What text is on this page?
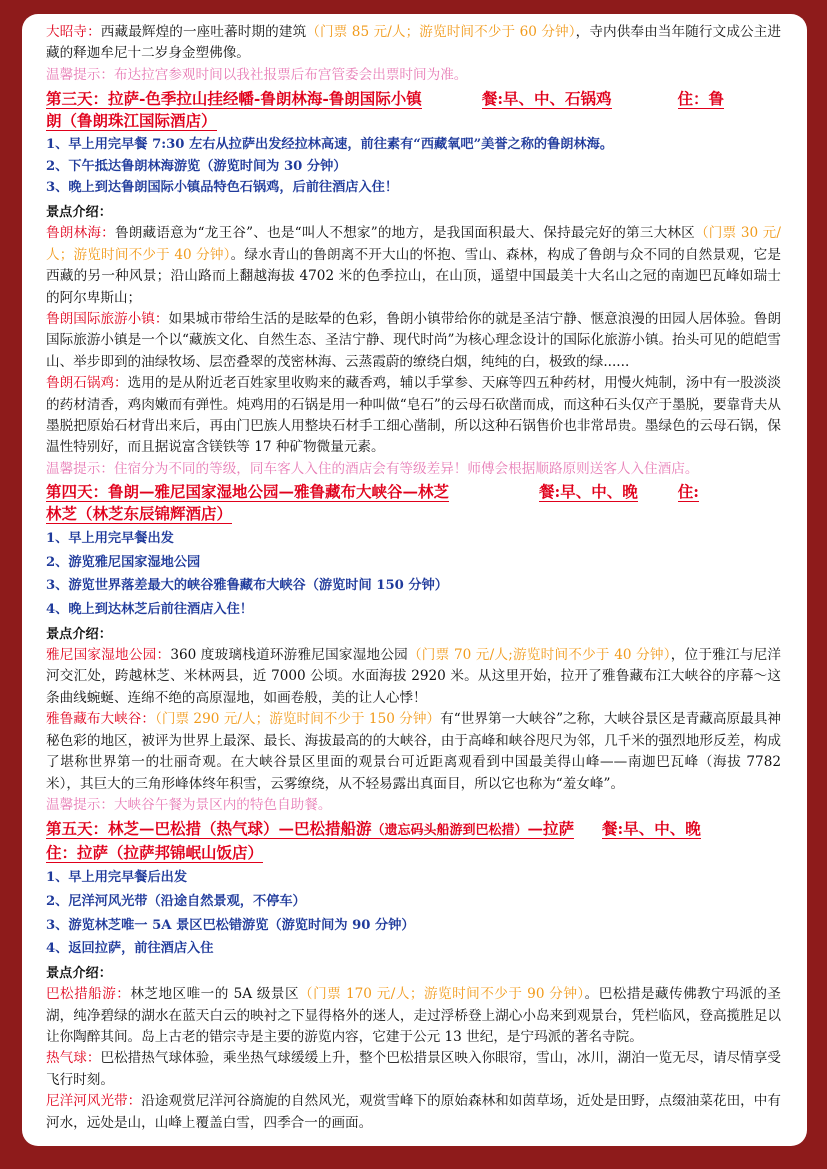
大昭寺：西藏最辉煌的一座吐蕃时期的建筑（门票 85 元/人；游览时间不少于 60 分钟），寺内供奉由当年随行文成公主进藏的释迦牟尼十二岁身金塑佛像。

温馨提示：布达拉宫参观时间以我社报票后布宫管委会出票时间为准。

第三天：拉萨-色季拉山挂经幡-鲁朗林海-鲁朗国际小镇	餐:早、中、石锅鸡	住：鲁
朗（鲁朗珠江国际酒店）

1、早上用完早餐 7:30 左右从拉萨出发经拉林高速，前往素有“西藏氧吧”美誉之称的鲁朗林海。

2、下午抵达鲁朗林海游览（游览时间为 30 分钟）

3、晚上到达鲁朗国际小镇品特色石锅鸡，后前往酒店入住！

景点介绍：

鲁朗林海：鲁朗藏语意为“龙王谷”、也是“叫人不想家”的地方，是我国面积最大、保持最完好的第三大林区（门票 30 元/人；游览时间不少于 40 分钟）。绿水青山的鲁朗离不开大山的怀抱、雪山、森林，构成了鲁朗与众不同的自然景观，它是西藏的另一种风景；沿山路而上翻越海拔 4702 米的色季拉山，在山顶，遥望中国最美十大名山之冠的南迦巴瓦峰如瑞士的阿尔卑斯山；

鲁朗国际旅游小镇：如果城市带给生活的是眩晕的色彩，鲁朗小镇带给你的就是圣洁宁静、惬意浪漫的田园人居体验。鲁朗国际旅游小镇是一个以“藏族文化、自然生态、圣洁宁静、现代时尚”为核心理念设计的国际化旅游小镇。抬头可见的皑皑雪山、举步即到的油绿牧场、层峦叠翠的茂密林海、云蒸霞蔚的缭绕白烟，纯纯的白，极致的绿......

鲁朗石锅鸡：选用的是从附近老百姓家里收购来的藏香鸡，辅以手掌参、天麻等四五种药材，用慢火炖制，汤中有一股淡淡的药材清香，鸡肉嫩而有弹性。炖鸡用的石锅是用一种叫做“皂石”的云母石砍凿而成，而这种石头仅产于墨脱，要靠背夫从墨脱把原始石材背出来后，再由门巴族人用整块石材手工细心凿制，所以这种石锅售价也非常昂贵。墨绿色的云母石锅，保温性特别好，而且据说富含镁铁等 17 种矿物微量元素。

温馨提示：住宿分为不同的等级，同车客人入住的酒店会有等级差异！师傅会根据顺路原则送客人入住酒店。

第四天：鲁朗—雅尼国家湿地公园—雅鲁藏布大峡谷—林芝	餐:早、中、晚	住:
林芝（林芝东辰锦辉酒店）

1、早上用完早餐出发

2、游览雅尼国家湿地公园

3、游览世界落差最大的峡谷雅鲁藏布大峡谷（游览时间 150 分钟）

4、晚上到达林芝后前往酒店入住！

景点介绍：

雅尼国家湿地公园：360 度玻璃栈道环游雅尼国家湿地公园（门票 70 元/人;游览时间不少于 40 分钟），位于雅江与尼洋河交汇处，跨越林芝、米林两县，近 7000 公顷。水面海拔 2920 米。从这里开始，拉开了雅鲁藏布江大峡谷的序幕～这条曲线蜿蜒、连绵不绝的高原湿地，如画卷般，美的让人心悸！

雅鲁藏布大峡谷：（门票 290 元/人；游览时间不少于 150 分钟）有“世界第一大峡谷”之称，大峡谷景区是青藏高原最具神秘色彩的地区，被评为世界上最深、最长、海拔最高的的大峡谷，由于高峰和峡谷咫尺为邻，几千米的强烈地形反差，构成了堪称世界第一的壮丽奇观。在大峡谷景区里面的观景台可近距离观看到中国最美得山峰——南迦巴瓦峰（海拔 7782 米），其巨大的三角形峰体终年积雪，云雾缭绕，从不轻易露出真面目，所以它也称为“羞女峰”。

温馨提示：大峡谷午餐为景区内的特色自助餐。

第五天：林芝—巴松措（热气球）—巴松措船游（遗忘码头船游到巴松措）—拉萨 餐:早、中、晚
住：拉萨（拉萨邦锦岷山饭店）

1、早上用完早餐后出发

2、尼洋河风光带（沿途自然景观，不停车）

3、游览林芝唯一 5A 景区巴松错游览（游览时间为 90 分钟）

4、返回拉萨，前往酒店入住

景点介绍：

巴松措船游：林芝地区唯一的 5A 级景区（门票 170 元/人；游览时间不少于 90 分钟）。巴松措是藏传佛教宁玛派的圣湖，纯净碧绿的湖水在蓝天白云的映衬之下显得格外的迷人，走过浮桥登上湖心小岛来到观景台，凭栏临风，登高揽胜足以让你陶醉其间。岛上古老的错宗寺是主要的游览内容，它建于公元 13 世纪，是宁玛派的著名寺院。

热气球：巴松措热气球体验，乘坐热气球缓缓上升，整个巴松措景区映入你眼帘，雪山，冰川，湖泊一览无尽，请尽情享受飞行时刻。

尼洋河风光带：沿途观赏尼洋河谷旖旎的自然风光，观赏雪峰下的原始森林和如茵草场，近处是田野，点缀油菜花田，中有河水，远处是山，山峰上覆盖白雪，四季合一的画面。
